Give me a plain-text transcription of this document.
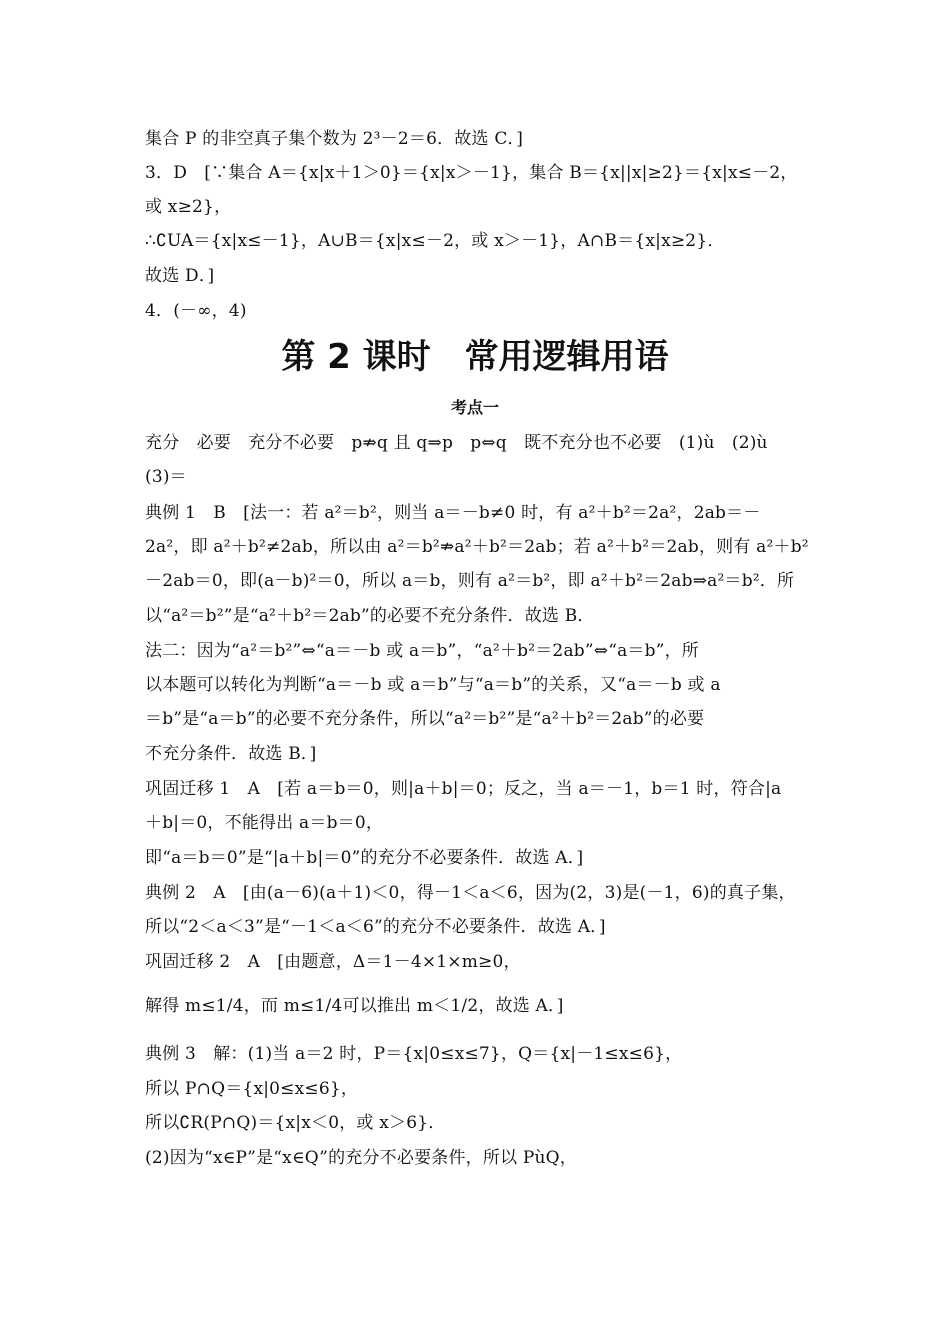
集合 P 的非空真子集个数为 2³－2＝6．故选 C．]
3．D　[∵集合 A＝{x|x＋1＞0}＝{x|x＞－1}，集合 B＝{x||x|≥2}＝{x|x≤－2，
或 x≥2}，
∴∁UA＝{x|x≤－1}，A∪B＝{x|x≤－2，或 x＞－1}，A∩B＝{x|x≥2}．
故选 D．]
4．(－∞，4)
第 2 课时　常用逻辑用语
考点一
充分　必要　充分不必要　p⇏q 且 q⇒p　p⇔q　既不充分也不必要　(1)ù　(2)ù
(3)＝
典例 1　B　[法一：若 a²＝b²，则当 a＝－b≠0 时，有 a²＋b²＝2a²，2ab＝－
2a²，即 a²＋b²≠2ab，所以由 a²＝b²⇏a²＋b²＝2ab；若 a²＋b²＝2ab，则有 a²＋b²
－2ab＝0，即(a－b)²＝0，所以 a＝b，则有 a²＝b²，即 a²＋b²＝2ab⇒a²＝b²．所
以“a²＝b²”是“a²＋b²＝2ab”的必要不充分条件．故选 B．
法二：因为“a²＝b²”⇔“a＝－b 或 a＝b”，“a²＋b²＝2ab”⇔“a＝b”，所
以本题可以转化为判断“a＝－b 或 a＝b”与“a＝b”的关系，又“a＝－b 或 a
＝b”是“a＝b”的必要不充分条件，所以“a²＝b²”是“a²＋b²＝2ab”的必要
不充分条件．故选 B．]
巩固迁移 1　A　[若 a＝b＝0，则|a＋b|＝0；反之，当 a＝－1，b＝1 时，符合|a
＋b|＝0，不能得出 a＝b＝0，
即“a＝b＝0”是“|a＋b|＝0”的充分不必要条件．故选 A．]
典例 2　A　[由(a－6)(a＋1)＜0，得－1＜a＜6，因为(2，3)是(－1，6)的真子集，
所以“2＜a＜3”是“－1＜a＜6”的充分不必要条件．故选 A．]
巩固迁移 2　A　[由题意，Δ＝1－4×1×m≥0，
解得 m≤1/4，而 m≤1/4可以推出 m＜1/2，故选 A．]
典例 3　解：(1)当 a＝2 时，P＝{x|0≤x≤7}，Q＝{x|－1≤x≤6}，
所以 P∩Q＝{x|0≤x≤6}，
所以∁R(P∩Q)＝{x|x＜0，或 x＞6}．
(2)因为“x∈P”是“x∈Q”的充分不必要条件，所以 PùQ，
